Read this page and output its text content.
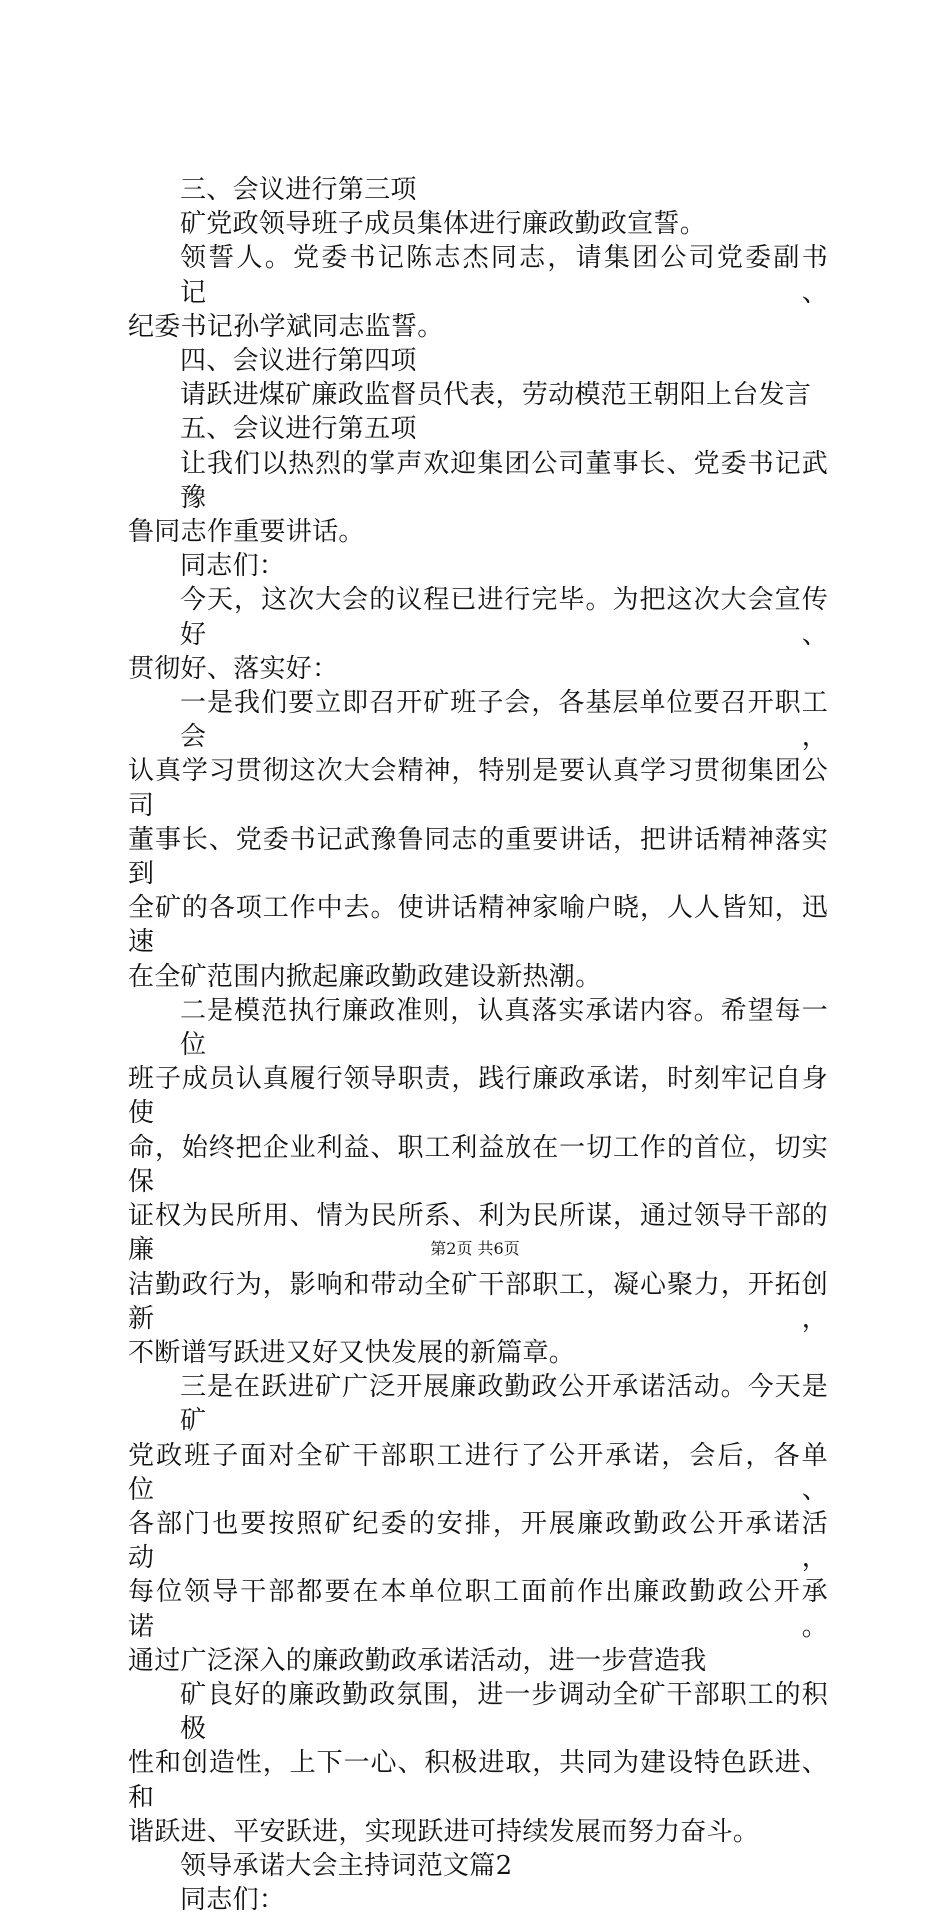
三、会议进行第三项
矿党政领导班子成员集体进行廉政勤政宣誓。
领誓人。党委书记陈志杰同志，请集团公司党委副书记、
纪委书记孙学斌同志监誓。
四、会议进行第四项
请跃进煤矿廉政监督员代表，劳动模范王朝阳上台发言
五、会议进行第五项
让我们以热烈的掌声欢迎集团公司董事长、党委书记武豫
鲁同志作重要讲话。
同志们：
今天，这次大会的议程已进行完毕。为把这次大会宣传好、
贯彻好、落实好：
一是我们要立即召开矿班子会，各基层单位要召开职工会，
认真学习贯彻这次大会精神，特别是要认真学习贯彻集团公司
董事长、党委书记武豫鲁同志的重要讲话，把讲话精神落实到
全矿的各项工作中去。使讲话精神家喻户晓，人人皆知，迅速
在全矿范围内掀起廉政勤政建设新热潮。
二是模范执行廉政准则，认真落实承诺内容。希望每一位
班子成员认真履行领导职责，践行廉政承诺，时刻牢记自身使
命，始终把企业利益、职工利益放在一切工作的首位，切实保
证权为民所用、情为民所系、利为民所谋，通过领导干部的廉
洁勤政行为，影响和带动全矿干部职工，凝心聚力，开拓创新，
不断谱写跃进又好又快发展的新篇章。
三是在跃进矿广泛开展廉政勤政公开承诺活动。今天是矿
党政班子面对全矿干部职工进行了公开承诺，会后，各单位、
各部门也要按照矿纪委的安排，开展廉政勤政公开承诺活动，
每位领导干部都要在本单位职工面前作出廉政勤政公开承诺。
通过广泛深入的廉政勤政承诺活动，进一步营造我
矿良好的廉政勤政氛围，进一步调动全矿干部职工的积极
性和创造性，上下一心、积极进取，共同为建设特色跃进、和
谐跃进、平安跃进，实现跃进可持续发展而努力奋斗。
领导承诺大会主持词范文篇2
同志们：
第2页 共6页
